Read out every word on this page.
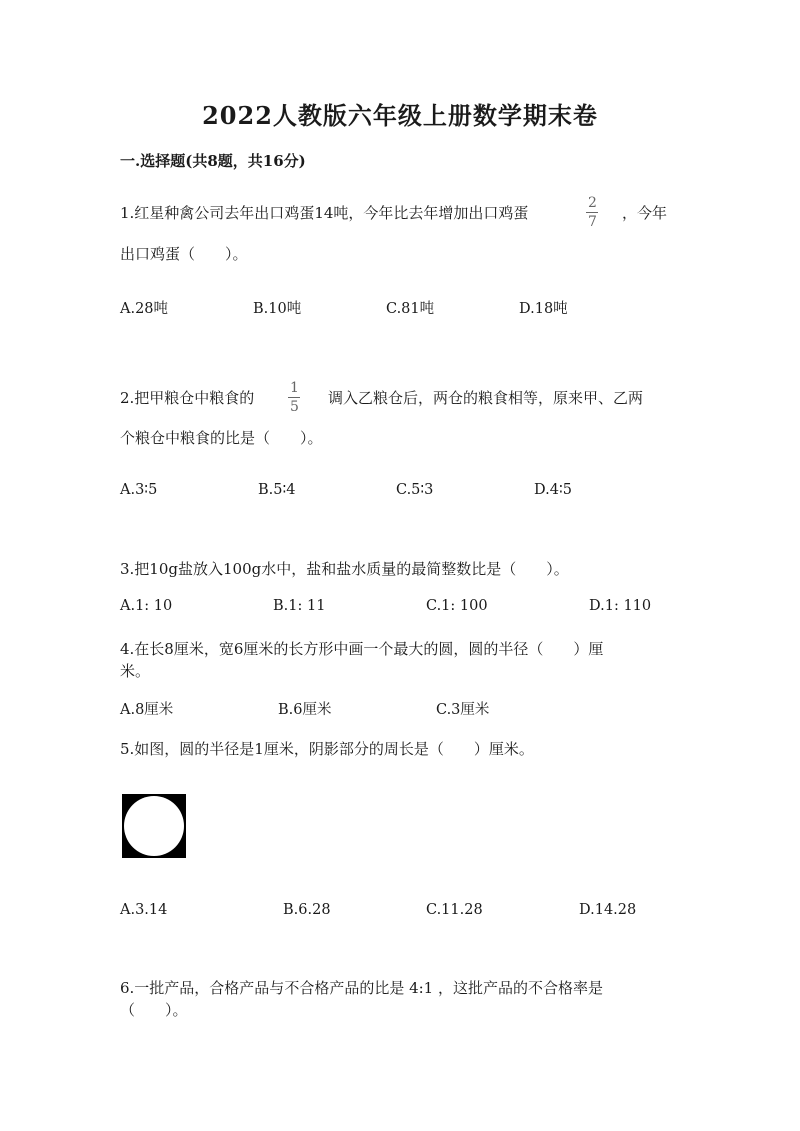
2022人教版六年级上册数学期末卷
一.选择题(共8题，共16分)
1.红星种禽公司去年出口鸡蛋14吨，今年比去年增加出口鸡蛋
2
7 ，今年
出口鸡蛋（　　）。
A.28吨	B.10吨	C.81吨	D.18吨
2.把甲粮仓中粮食的
1
5 调入乙粮仓后，两仓的粮食相等，原来甲、乙两
个粮仓中粮食的比是（　　）。
A.3∶5	B.5∶4	C.5∶3	D.4∶5
3.把10g盐放入100g水中，盐和盐水质量的最简整数比是（　　）。
A.1: 10	B.1: 11	C.1: 100	D.1: 110
4.在长8厘米，宽6厘米的长方形中画一个最大的圆，圆的半径（　　）厘
米。
A.8厘米	B.6厘米	C.3厘米
5.如图，圆的半径是1厘米，阴影部分的周长是（　　）厘米。
A.3.14	B.6.28	C.11.28	D.14.28
6.一批产品，合格产品与不合格产品的比是 4:1 ，这批产品的不合格率是
（　　）。
